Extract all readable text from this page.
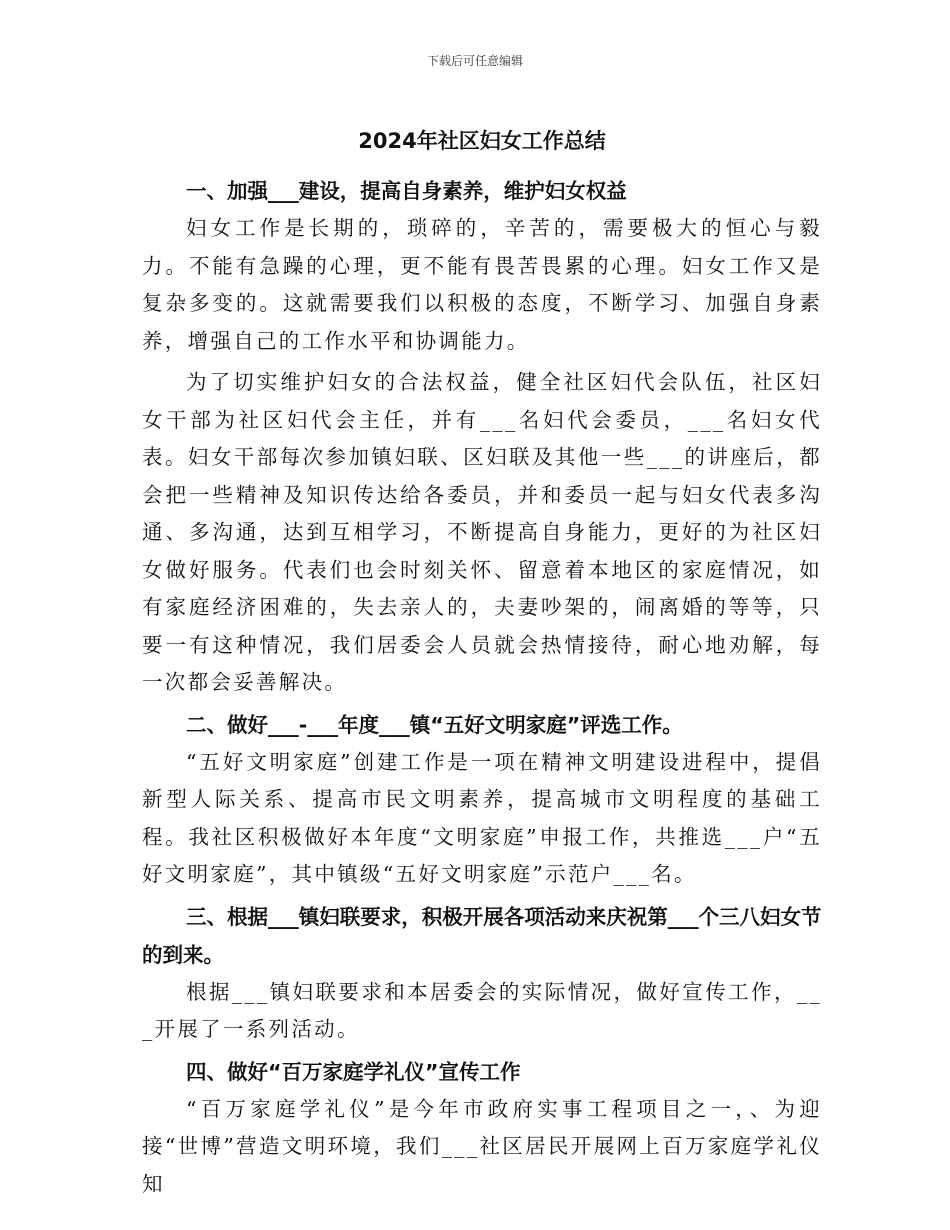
下载后可任意编辑
2024年社区妇女工作总结
一、加强___建设，提高自身素养，维护妇女权益

妇女工作是长期的，琐碎的，辛苦的，需要极大的恒心与毅力。不能有急躁的心理，更不能有畏苦畏累的心理。妇女工作又是复杂多变的。这就需要我们以积极的态度，不断学习、加强自身素养，增强自己的工作水平和协调能力。

为了切实维护妇女的合法权益，健全社区妇代会队伍，社区妇女干部为社区妇代会主任，并有___名妇代会委员，___名妇女代表。妇女干部每次参加镇妇联、区妇联及其他一些___的讲座后，都会把一些精神及知识传达给各委员，并和委员一起与妇女代表多沟通、多沟通，达到互相学习，不断提高自身能力，更好的为社区妇女做好服务。代表们也会时刻关怀、留意着本地区的家庭情况，如有家庭经济困难的，失去亲人的，夫妻吵架的，闹离婚的等等，只要一有这种情况，我们居委会人员就会热情接待，耐心地劝解，每一次都会妥善解决。

二、做好___-___年度___镇“五好文明家庭”评选工作。

“五好文明家庭”创建工作是一项在精神文明建设进程中，提倡新型人际关系、提高市民文明素养，提高城市文明程度的基础工程。我社区积极做好本年度“文明家庭”申报工作，共推选___户“五好文明家庭”，其中镇级“五好文明家庭”示范户___名。

三、根据___镇妇联要求，积极开展各项活动来庆祝第___个三八妇女节的到来。

根据___镇妇联要求和本居委会的实际情况，做好宣传工作，___开展了一系列活动。

四、做好“百万家庭学礼仪”宣传工作

“百万家庭学礼仪”是今年市政府实事工程项目之一，、为迎接“世博”营造文明环境，我们___社区居民开展网上百万家庭学礼仪知
